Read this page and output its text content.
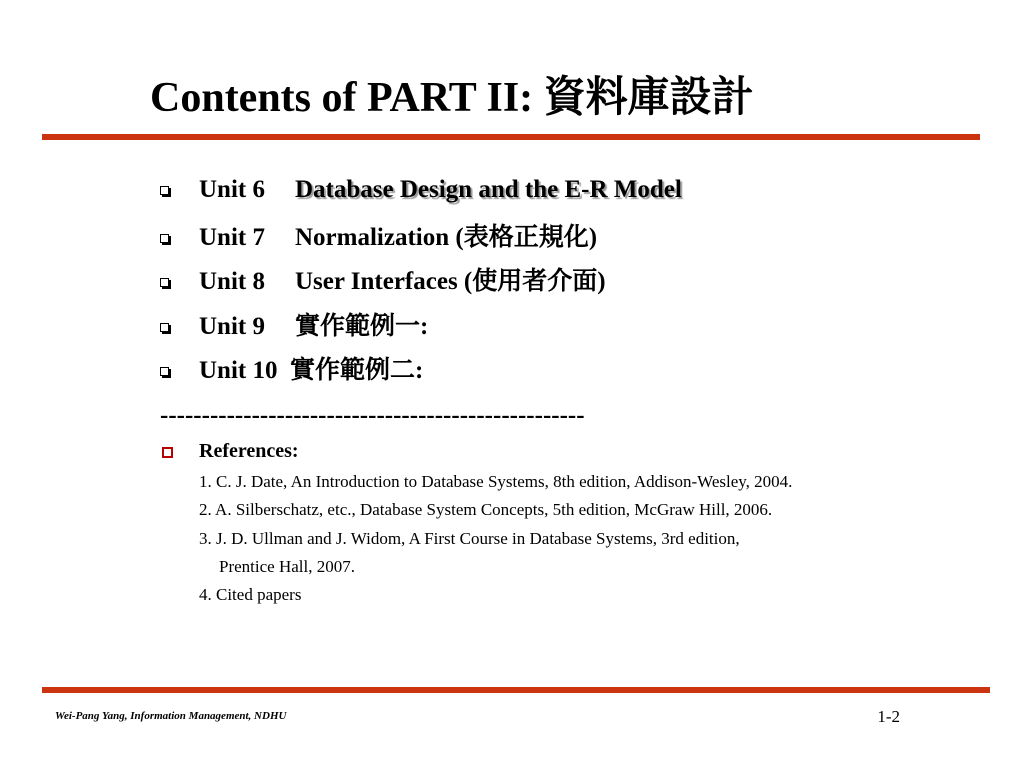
Contents of PART II: 資料庫設計
Unit 6 Database Design and the E-R Model
Unit 7 Normalization (表格正規化)
Unit 8 User Interfaces (使用者介面)
Unit 9 實作範例一:
Unit 10 實作範例二:
---------------------------------------------------
References:
1. C. J. Date, An Introduction to Database Systems, 8th edition, Addison-Wesley, 2004.
2. A. Silberschatz, etc., Database System Concepts, 5th edition, McGraw Hill, 2006.
3. J. D. Ullman and J. Widom, A First Course in Database Systems, 3rd edition,
Prentice Hall, 2007.
4. Cited papers
Wei-Pang Yang, Information Management, NDHU	1-2
